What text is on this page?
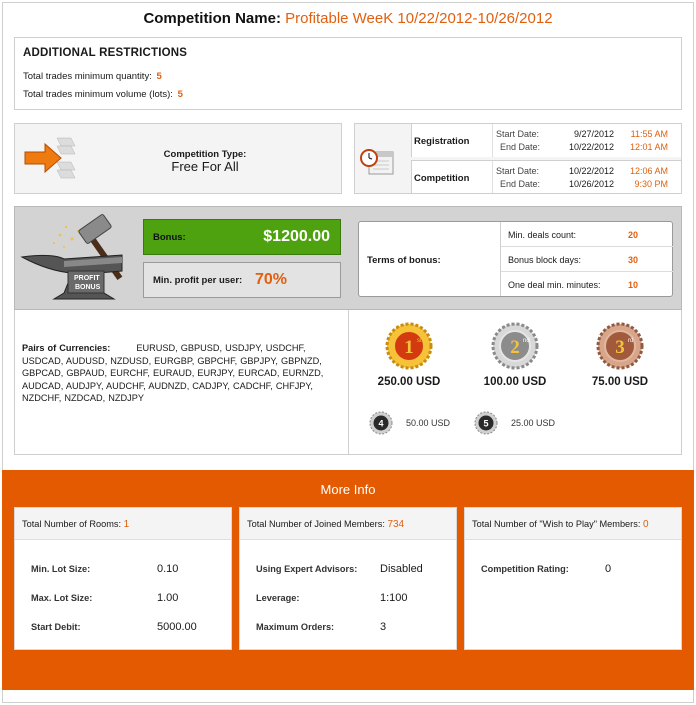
Competition Name: Profitable WeeK 10/22/2012-10/26/2012
ADDITIONAL RESTRICTIONS
Total trades minimum quantity: 5
Total trades minimum volume (lots): 5
Competition Type:
Free For All
Registration
Start Date:	9/27/2012	11:55 AM
End Date:	10/22/2012	12:01 AM
Competition
Start Date:	10/22/2012	12:06 AM
End Date:	10/26/2012	9:30 PM
PROFIT
BONUS
Bonus:	$1200.00
Min. profit per user: 70%
Terms of bonus:
Min. deals count:	20
Bonus block days:	30
One deal min. minutes:	10
Pairs of Currencies:	EURUSD, GBPUSD, USDJPY, USDCHF, USDCAD, AUDUSD, NZDUSD, EURGBP, GBPCHF, GBPJPY, GBPNZD, GBPCAD, GBPAUD, EURCHF, EURAUD, EURJPY, EURCAD, EURNZD, AUDCAD, AUDJPY, AUDCHF, AUDNZD, CADJPY, CADCHF, CHFJPY, NZDCHF, NZDCAD, NZDJPY
1 st	2 nd	3 rd
250.00 USD	100.00 USD	75.00 USD
4 50.00 USD	5 25.00 USD
More Info
Total Number of Rooms: 1
Min. Lot Size:	0.10
Max. Lot Size:	1.00
Start Debit:	5000.00
Total Number of Joined Members: 734
Using Expert Advisors: Disabled
Leverage:	1:100
Maximum Orders:	3
Total Number of "Wish to Play" Members: 0
Competition Rating:	0
